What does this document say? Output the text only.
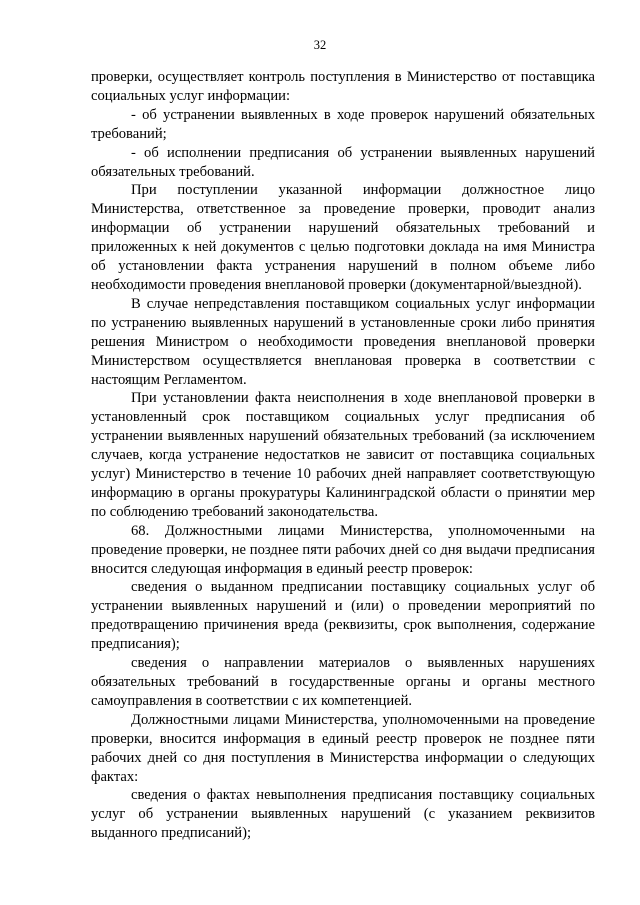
32

проверки, осуществляет контроль поступления в Министерство от поставщика социальных услуг информации:

- об устранении выявленных в ходе проверок нарушений обязательных требований;

- об исполнении предписания об устранении выявленных нарушений обязательных требований.

При поступлении указанной информации должностное лицо Министерства, ответственное за проведение проверки, проводит анализ информации об устранении нарушений обязательных требований и приложенных к ней документов с целью подготовки доклада на имя Министра об установлении факта устранения нарушений в полном объеме либо необходимости проведения внеплановой проверки (документарной/выездной).

В случае непредставления поставщиком социальных услуг информации по устранению выявленных нарушений в установленные сроки либо принятия решения Министром о необходимости проведения внеплановой проверки Министерством осуществляется внеплановая проверка в соответствии с настоящим Регламентом.

При установлении факта неисполнения в ходе внеплановой проверки в установленный срок поставщиком социальных услуг предписания об устранении выявленных нарушений обязательных требований (за исключением случаев, когда устранение недостатков не зависит от поставщика социальных услуг) Министерство в течение 10 рабочих дней направляет соответствующую информацию в органы прокуратуры Калининградской области о принятии мер по соблюдению требований законодательства.

68. Должностными лицами Министерства, уполномоченными на проведение проверки, не позднее пяти рабочих дней со дня выдачи предписания вносится следующая информация в единый реестр проверок:

сведения о выданном предписании поставщику социальных услуг об устранении выявленных нарушений и (или) о проведении мероприятий по предотвращению причинения вреда (реквизиты, срок выполнения, содержание предписания);

сведения о направлении материалов о выявленных нарушениях обязательных требований в государственные органы и органы местного самоуправления в соответствии с их компетенцией.

Должностными лицами Министерства, уполномоченными на проведение проверки, вносится информация в единый реестр проверок не позднее пяти рабочих дней со дня поступления в Министерства информации о следующих фактах:

сведения о фактах невыполнения предписания поставщику социальных услуг об устранении выявленных нарушений (с указанием реквизитов выданного предписаний);
